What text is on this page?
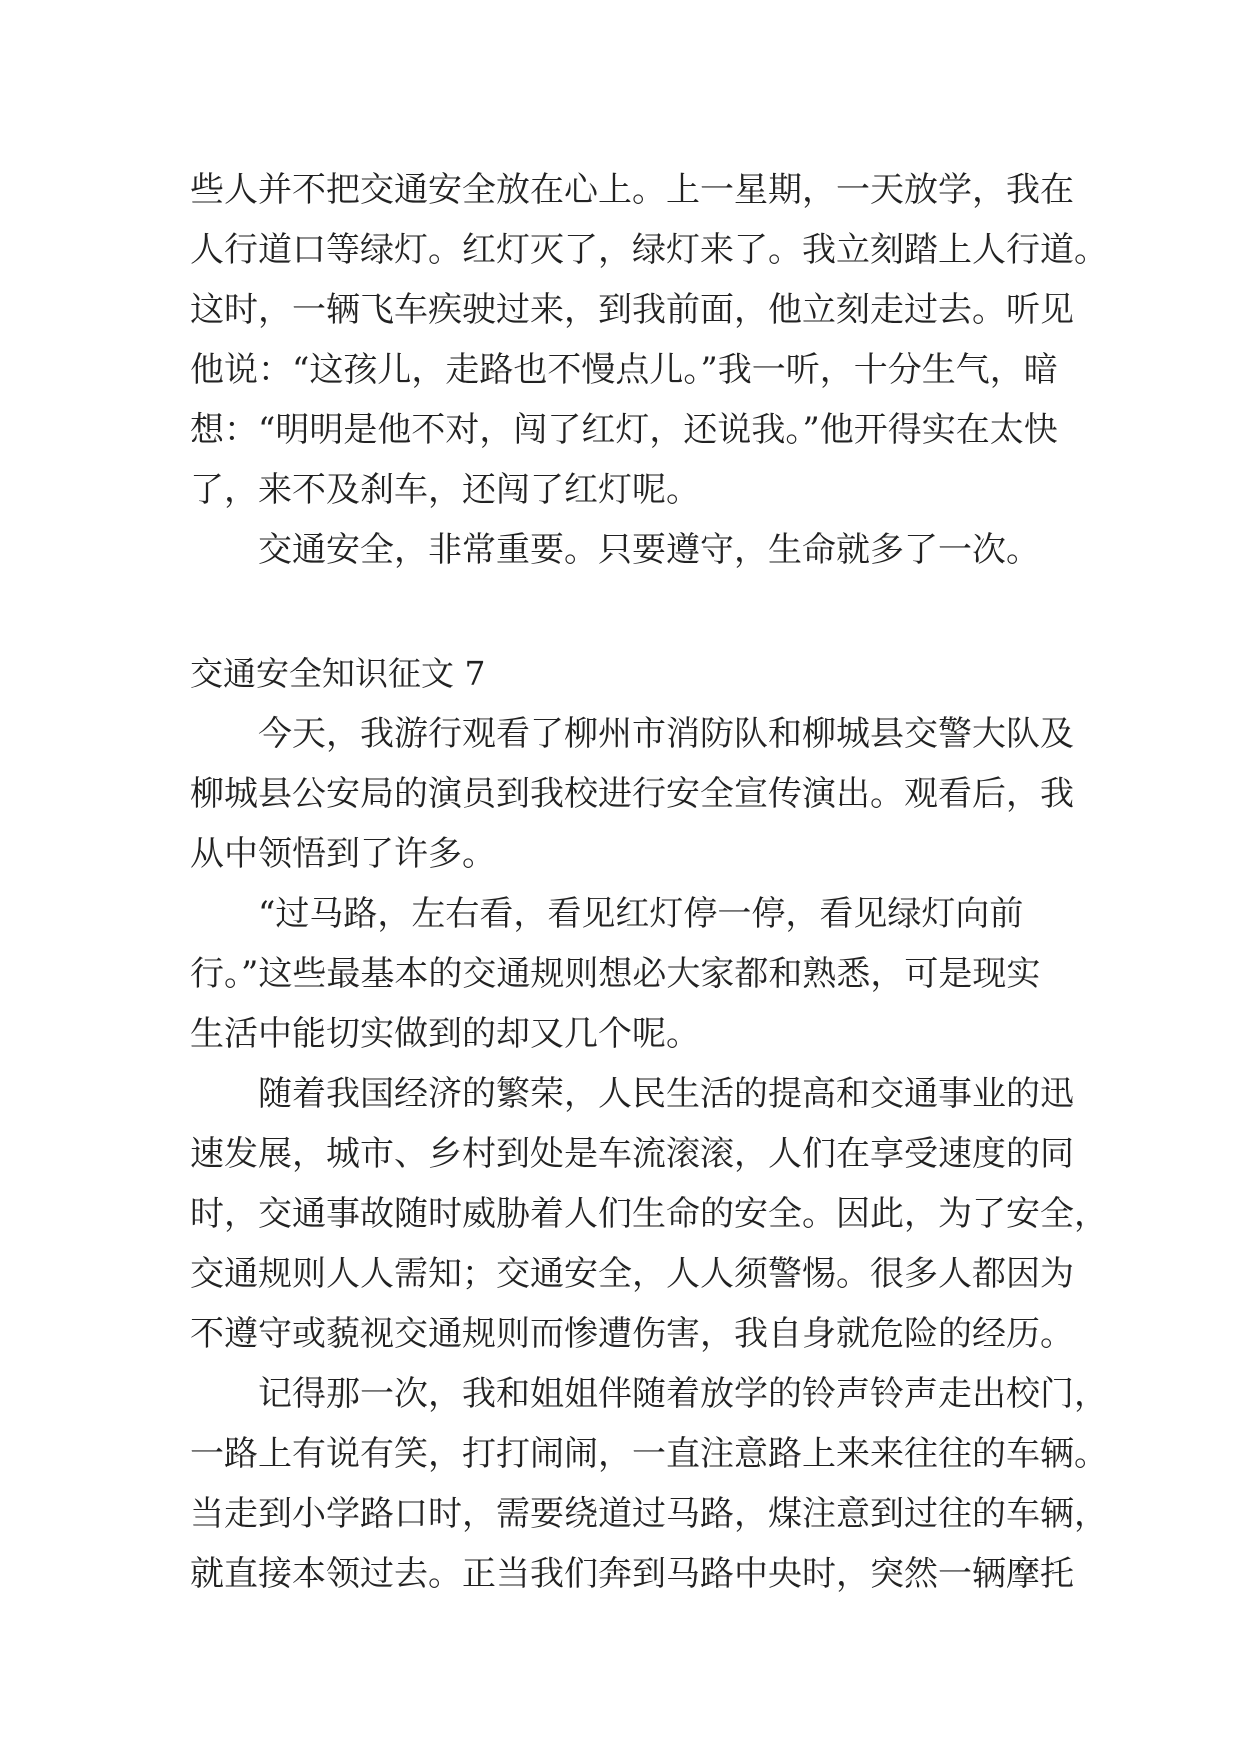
些人并不把交通安全放在心上。上一星期，一天放学，我在
人行道口等绿灯。红灯灭了，绿灯来了。我立刻踏上人行道。
这时，一辆飞车疾驶过来，到我前面，他立刻走过去。听见
他说：“这孩儿，走路也不慢点儿。”我一听，十分生气，暗
想：“明明是他不对，闯了红灯，还说我。”他开得实在太快
了，来不及刹车，还闯了红灯呢。
交通安全，非常重要。只要遵守，生命就多了一次。
交通安全知识征文 7
今天，我游行观看了柳州市消防队和柳城县交警大队及
柳城县公安局的演员到我校进行安全宣传演出。观看后，我
从中领悟到了许多。
“过马路，左右看，看见红灯停一停，看见绿灯向前
行。”这些最基本的交通规则想必大家都和熟悉，可是现实
生活中能切实做到的却又几个呢。
随着我国经济的繁荣，人民生活的提高和交通事业的迅
速发展，城市、乡村到处是车流滚滚，人们在享受速度的同
时，交通事故随时威胁着人们生命的安全。因此，为了安全，
交通规则人人需知；交通安全，人人须警惕。很多人都因为
不遵守或藐视交通规则而惨遭伤害，我自身就危险的经历。
记得那一次，我和姐姐伴随着放学的铃声铃声走出校门，
一路上有说有笑，打打闹闹，一直注意路上来来往往的车辆。
当走到小学路口时，需要绕道过马路，煤注意到过往的车辆，
就直接本领过去。正当我们奔到马路中央时，突然一辆摩托
